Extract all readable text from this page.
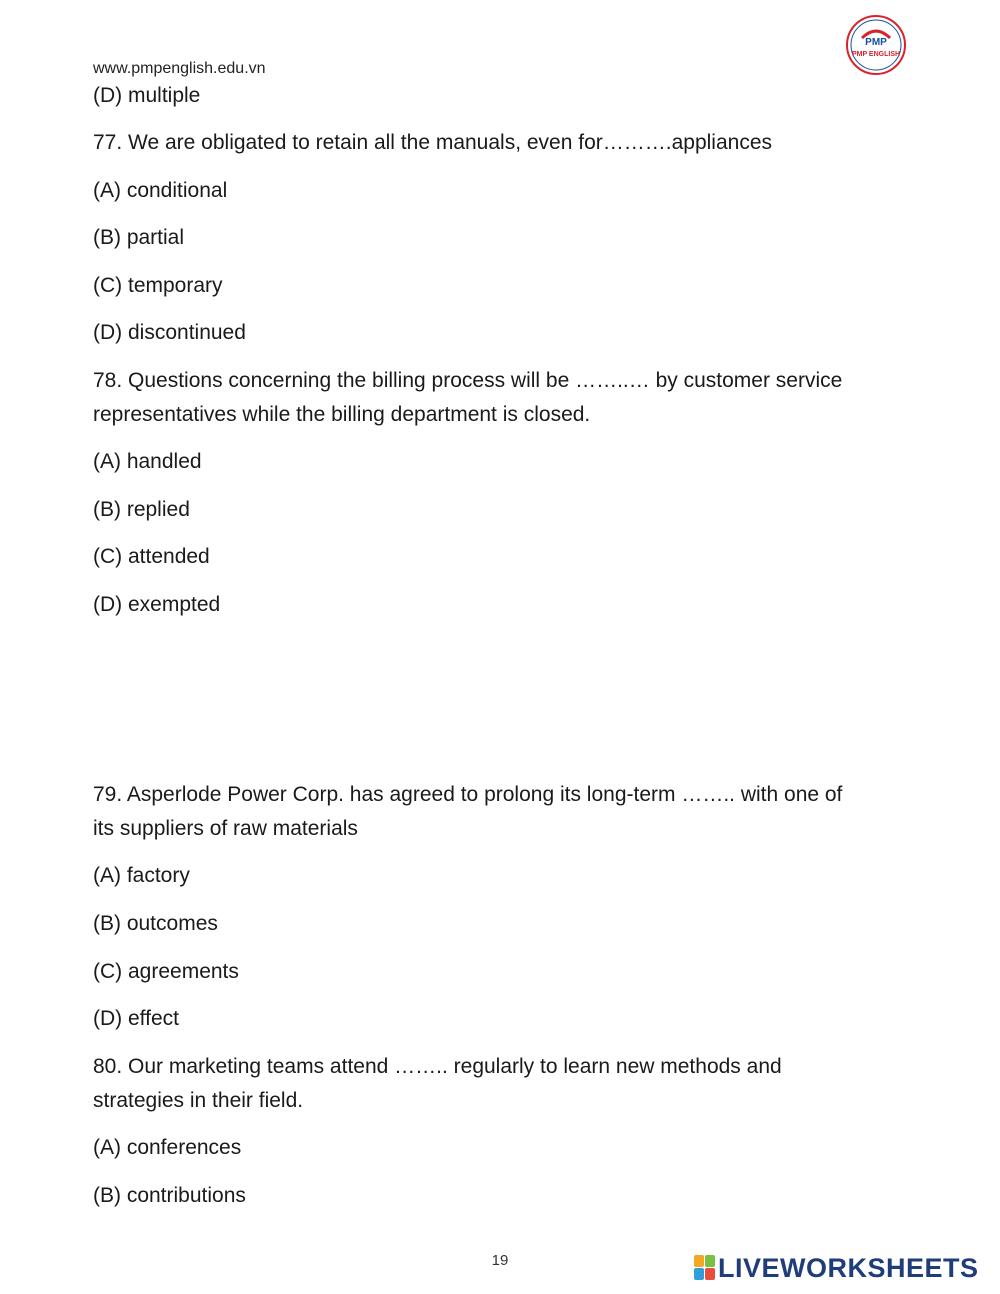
www.pmpenglish.edu.vn
PMP
PMP ENGLISH
(D) multiple
77. We are obligated to retain all the manuals, even for……….appliances
(A) conditional
(B) partial
(C) temporary
(D) discontinued
78. Questions concerning the billing process will be ……..… by customer service
representatives while the billing department is closed.
(A) handled
(B) replied
(C) attended
(D) exempted
79. Asperlode Power Corp. has agreed to prolong its long-term …….. with one of
its suppliers of raw materials
(A) factory
(B) outcomes
(C) agreements
(D) effect
80. Our marketing teams attend …….. regularly to learn new methods and
strategies in their field.
(A) conferences
(B) contributions
19	LIVEWORKSHEETS
